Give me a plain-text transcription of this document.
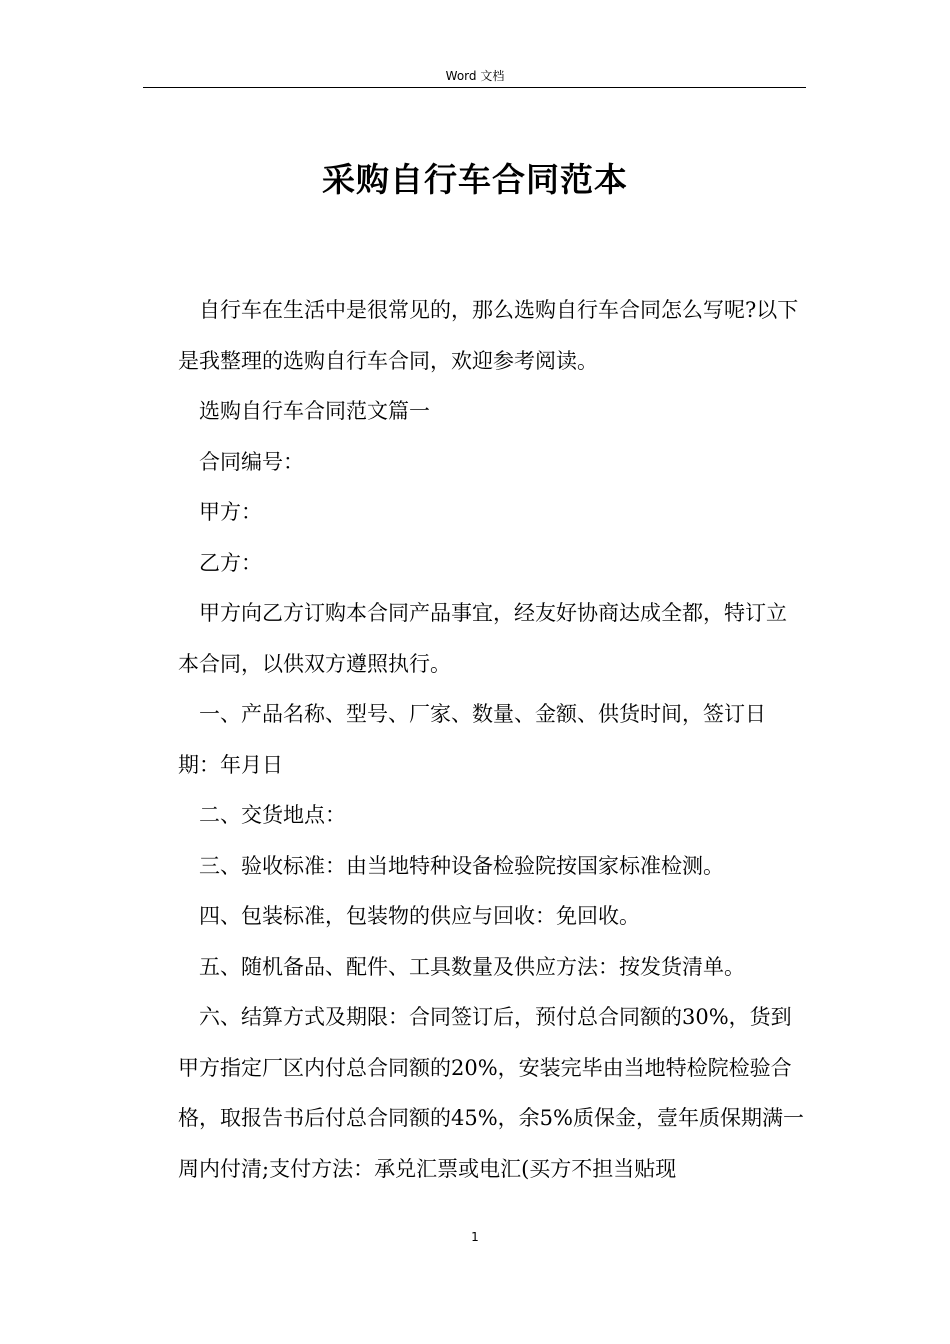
Word 文档
采购自行车合同范本

自行车在生活中是很常见的，那么选购自行车合同怎么写呢?以下是我整理的选购自行车合同，欢迎参考阅读。

选购自行车合同范文篇一

合同编号：

甲方：

乙方：

甲方向乙方订购本合同产品事宜，经友好协商达成全都，特订立本合同，以供双方遵照执行。

一、产品名称、型号、厂家、数量、金额、供货时间，签订日期：年月日

二、交货地点：

三、验收标准：由当地特种设备检验院按国家标准检测。

四、包装标准，包装物的供应与回收：免回收。

五、随机备品、配件、工具数量及供应方法：按发货清单。

六、结算方式及期限：合同签订后，预付总合同额的30%，货到甲方指定厂区内付总合同额的20%，安装完毕由当地特检院检验合格，取报告书后付总合同额的45%，余5%质保金，壹年质保期满一周内付清;支付方法：承兑汇票或电汇(买方不担当贴现

1
